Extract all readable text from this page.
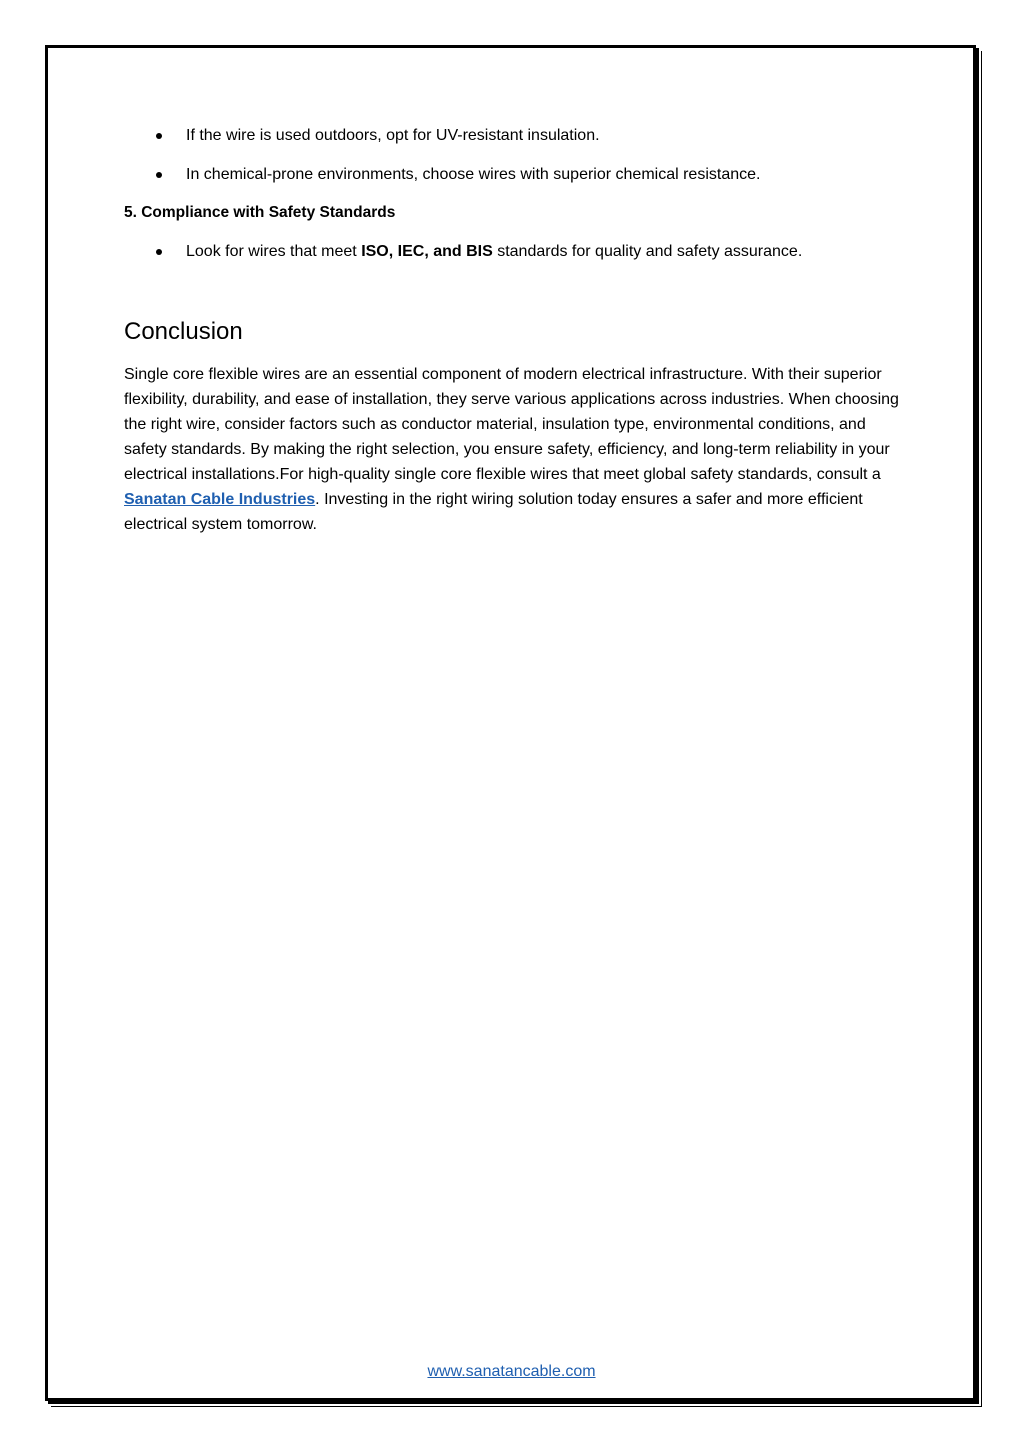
If the wire is used outdoors, opt for UV-resistant insulation.
In chemical-prone environments, choose wires with superior chemical resistance.

5. Compliance with Safety Standards

Look for wires that meet ISO, IEC, and BIS standards for quality and safety assurance.
Conclusion

Single core flexible wires are an essential component of modern electrical infrastructure. With their superior flexibility, durability, and ease of installation, they serve various applications across industries. When choosing the right wire, consider factors such as conductor material, insulation type, environmental conditions, and safety standards. By making the right selection, you ensure safety, efficiency, and long-term reliability in your electrical installations.For high-quality single core flexible wires that meet global safety standards, consult a Sanatan Cable Industries. Investing in the right wiring solution today ensures a safer and more efficient electrical system tomorrow.

www.sanatancable.com
